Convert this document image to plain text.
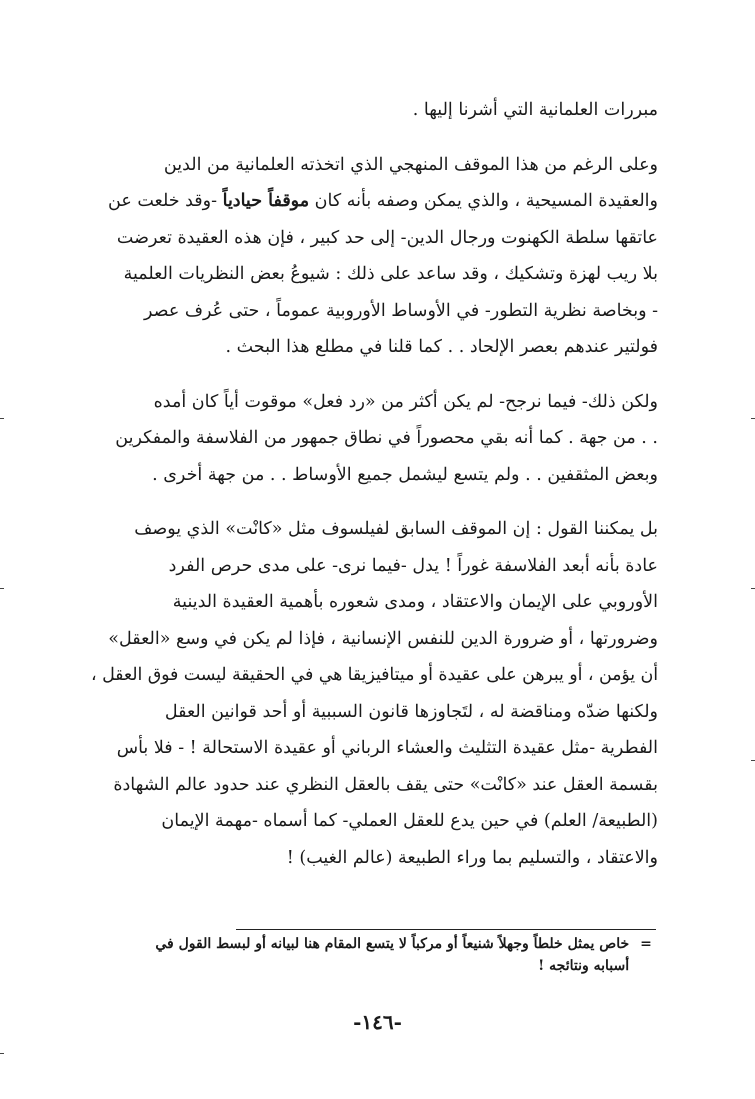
مبررات العلمانية التي أشرنا إليها .

وعلى الرغم من هذا الموقف المنهجي الذي اتخذته العلمانية من الدين
والعقيدة المسيحية ، والذي يمكن وصفه بأنه كان موقفاً حيادياً -وقد خلعت عن
عاتقها سلطة الكهنوت ورجال الدين- إلى حد كبير ، فإن هذه العقيدة تعرضت
بلا ريب لهزة وتشكيك ، وقد ساعد على ذلك : شيوعُ بعض النظريات العلمية
- وبخاصة نظرية التطور- في الأوساط الأوروبية عموماً ، حتى عُرف عصر
فولتير عندهم بعصر الإلحاد . . كما قلنا في مطلع هذا البحث .

ولكن ذلك- فيما نرجح- لم يكن أكثر من «رد فعل» موقوت أياً كان أمده
. . من جهة . كما أنه بقي محصوراً في نطاق جمهور من الفلاسفة والمفكرين
وبعض المثقفين . . ولم يتسع ليشمل جميع الأوساط . . من جهة أخرى .

بل يمكننا القول : إن الموقف السابق لفيلسوف مثل «كانْت» الذي يوصف
عادة بأنه أبعد الفلاسفة غوراً ! يدل -فيما نرى- على مدى حرص الفرد
الأوروبي على الإيمان والاعتقاد ، ومدى شعوره بأهمية العقيدة الدينية
وضرورتها ، أو ضرورة الدين للنفس الإنسانية ، فإذا لم يكن في وسع «العقل»
أن يؤمن ، أو يبرهن على عقيدة أو ميتافيزيقا هي في الحقيقة ليست فوق العقل ،
ولكنها ضدّه ومناقضة له ، لتَجاوزها قانون السببية أو أحد قوانين العقل
الفطرية -مثل عقيدة التثليث والعشاء الرباني أو عقيدة الاستحالة ! - فلا بأس
بقسمة العقل عند «كانْت» حتى يقف بالعقل النظري عند حدود عالم الشهادة
(الطبيعة/ العلم) في حين يدع للعقل العملي- كما أسماه -مهمة الإيمان
والاعتقاد ، والتسليم بما وراء الطبيعة (عالم الغيب) !

= خاص يمثل خلطاً وجهلاً شنيعاً أو مركباً لا يتسع المقام هنا لبيانه أو لبسط القول في
أسبابه ونتائجه !
-١٤٦-
